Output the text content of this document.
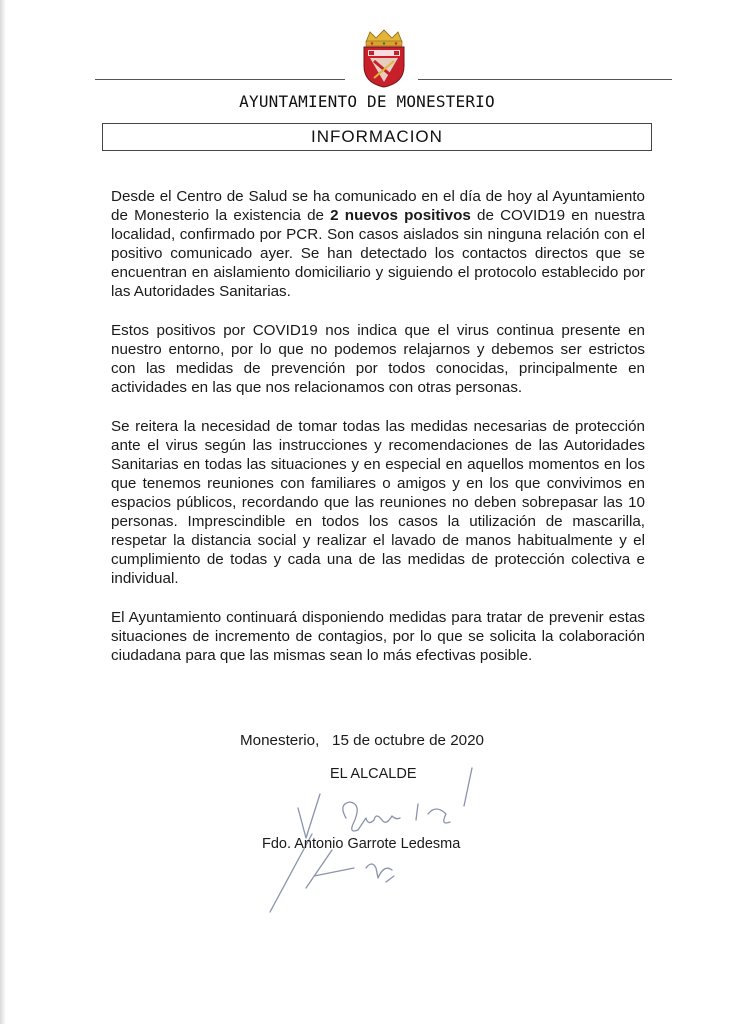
AYUNTAMIENTO DE MONESTERIO
INFORMACION

Desde el Centro de Salud se ha comunicado en el día de hoy al Ayuntamiento de Monesterio la existencia de 2 nuevos positivos de COVID19 en nuestra localidad, confirmado por PCR. Son casos aislados sin ninguna relación con el positivo comunicado ayer. Se han detectado los contactos directos que se encuentran en aislamiento domiciliario y siguiendo el protocolo establecido por las Autoridades Sanitarias.

Estos positivos por COVID19 nos indica que el virus continua presente en nuestro entorno, por lo que no podemos relajarnos y debemos ser estrictos con las medidas de prevención por todos conocidas, principalmente en actividades en las que nos relacionamos con otras personas.

Se reitera la necesidad de tomar todas las medidas necesarias de protección ante el virus según las instrucciones y recomendaciones de las Autoridades Sanitarias en todas las situaciones y en especial en aquellos momentos en los que tenemos reuniones con familiares o amigos y en los que convivimos en espacios públicos, recordando que las reuniones no deben sobrepasar las 10 personas. Imprescindible en todos los casos la utilización de mascarilla, respetar la distancia social y realizar el lavado de manos habitualmente y el cumplimiento de todas y cada una de las medidas de protección colectiva e individual.

El Ayuntamiento continuará disponiendo medidas para tratar de prevenir estas situaciones de incremento de contagios, por lo que se solicita la colaboración ciudadana para que las mismas sean lo más efectivas posible.

Monesterio,   15 de octubre de 2020
EL ALCALDE
Fdo. Antonio Garrote Ledesma
